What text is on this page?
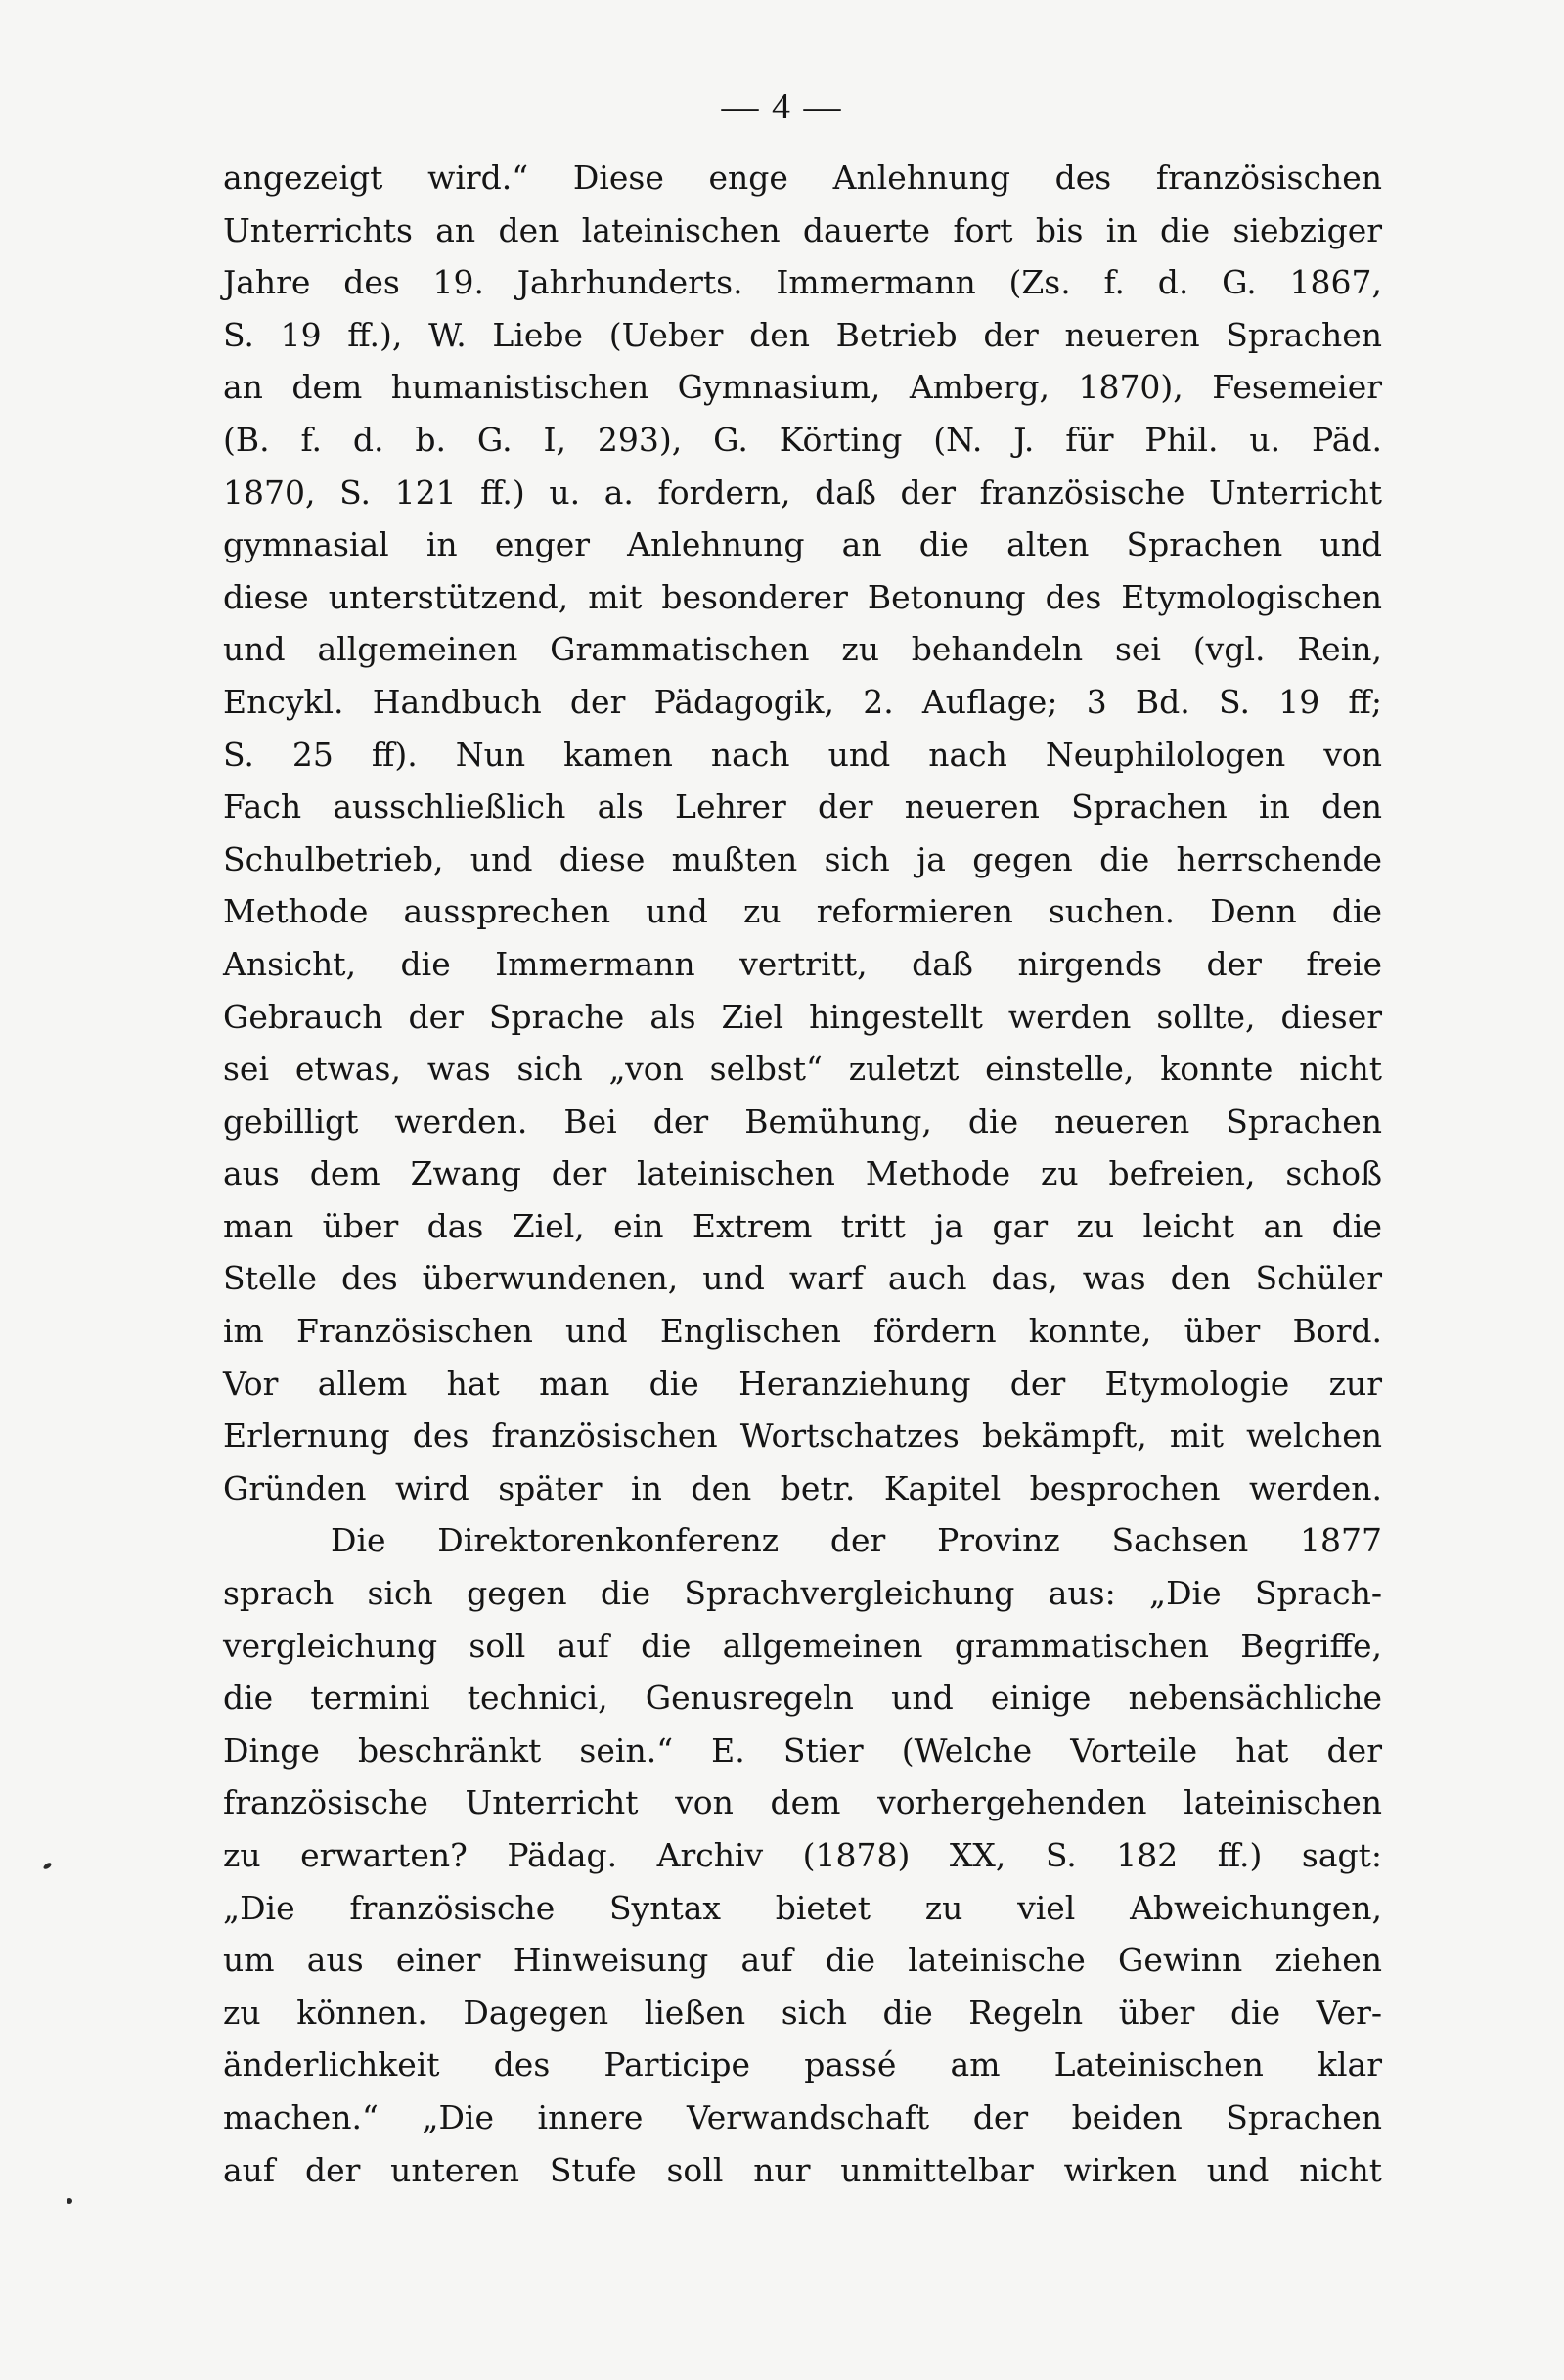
— 4 —
angezeigt wird.“ Diese enge Anlehnung des französischen
Unterrichts an den lateinischen dauerte fort bis in die siebziger
Jahre des 19. Jahrhunderts. Immermann (Zs. f. d. G. 1867,
S. 19 ff.), W. Liebe (Ueber den Betrieb der neueren Sprachen
an dem humanistischen Gymnasium, Amberg, 1870), Fesemeier
(B. f. d. b. G. I, 293), G. Körting (N. J. für Phil. u. Päd.
1870, S. 121 ff.) u. a. fordern, daß der französische Unterricht
gymnasial in enger Anlehnung an die alten Sprachen und
diese unterstützend, mit besonderer Betonung des Etymologischen
und allgemeinen Grammatischen zu behandeln sei (vgl. Rein,
Encykl. Handbuch der Pädagogik, 2. Auflage; 3 Bd. S. 19 ff;
S. 25 ff). Nun kamen nach und nach Neuphilologen von
Fach ausschließlich als Lehrer der neueren Sprachen in den
Schulbetrieb, und diese mußten sich ja gegen die herrschende
Methode aussprechen und zu reformieren suchen. Denn die
Ansicht, die Immermann vertritt, daß nirgends der freie
Gebrauch der Sprache als Ziel hingestellt werden sollte, dieser
sei etwas, was sich „von selbst“ zuletzt einstelle, konnte nicht
gebilligt werden. Bei der Bemühung, die neueren Sprachen
aus dem Zwang der lateinischen Methode zu befreien, schoß
man über das Ziel, ein Extrem tritt ja gar zu leicht an die
Stelle des überwundenen, und warf auch das, was den Schüler
im Französischen und Englischen fördern konnte, über Bord.
Vor allem hat man die Heranziehung der Etymologie zur
Erlernung des französischen Wortschatzes bekämpft, mit welchen
Gründen wird später in den betr. Kapitel besprochen werden.
Die Direktorenkonferenz der Provinz Sachsen 1877
sprach sich gegen die Sprachvergleichung aus: „Die Sprach-
vergleichung soll auf die allgemeinen grammatischen Begriffe,
die termini technici, Genusregeln und einige nebensächliche
Dinge beschränkt sein.“ E. Stier (Welche Vorteile hat der
französische Unterricht von dem vorhergehenden lateinischen
zu erwarten? Pädag. Archiv (1878) XX, S. 182 ff.) sagt:
„Die französische Syntax bietet zu viel Abweichungen,
um aus einer Hinweisung auf die lateinische Gewinn ziehen
zu können. Dagegen ließen sich die Regeln über die Ver-
änderlichkeit des Participe passé am Lateinischen klar
machen.“ „Die innere Verwandschaft der beiden Sprachen
auf der unteren Stufe soll nur unmittelbar wirken und nicht
